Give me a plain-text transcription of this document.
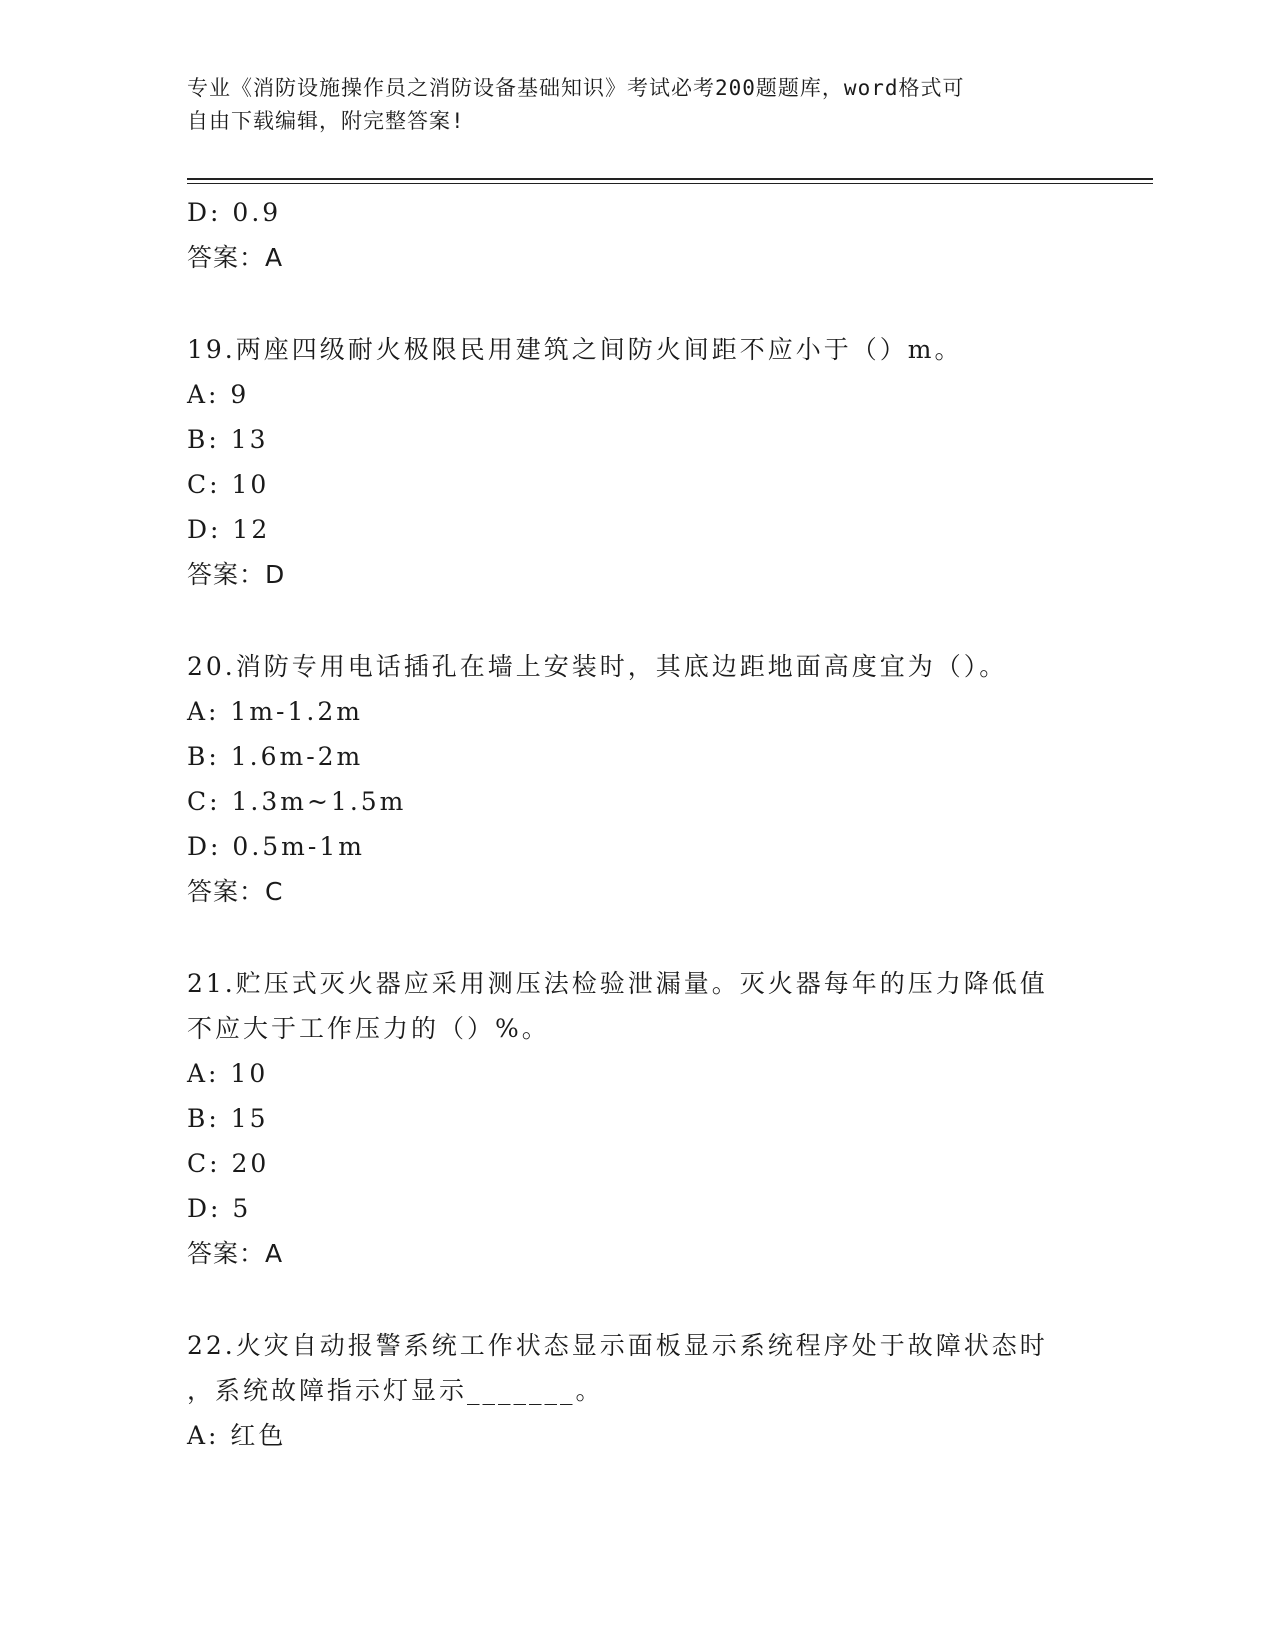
专业《消防设施操作员之消防设备基础知识》考试必考200题题库，word格式可
自由下载编辑，附完整答案!
D: 0.9
答案：A
19.两座四级耐火极限民用建筑之间防火间距不应小于（）m。
A: 9
B: 13
C: 10
D: 12
答案：D
20.消防专用电话插孔在墙上安装时，其底边距地面高度宜为（）。
A: 1m-1.2m
B: 1.6m-2m
C: 1.3m~1.5m
D: 0.5m-1m
答案：C
21.贮压式灭火器应采用测压法检验泄漏量。灭火器每年的压力降低值
不应大于工作压力的（）%。
A: 10
B: 15
C: 20
D: 5
答案：A
22.火灾自动报警系统工作状态显示面板显示系统程序处于故障状态时
，系统故障指示灯显示_______。
A: 红色
